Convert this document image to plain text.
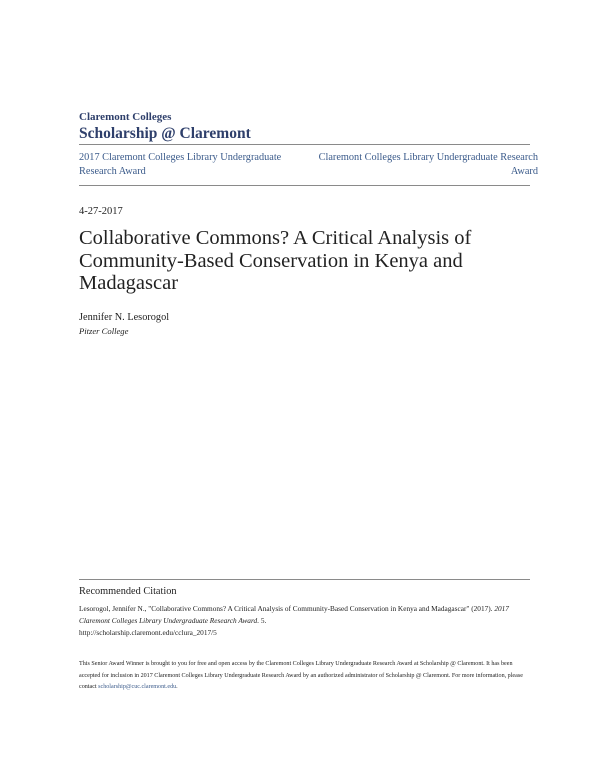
Claremont Colleges
Scholarship @ Claremont
2017 Claremont Colleges Library Undergraduate Research Award
Claremont Colleges Library Undergraduate Research Award
4-27-2017
Collaborative Commons? A Critical Analysis of Community-Based Conservation in Kenya and Madagascar
Jennifer N. Lesorogol
Pitzer College
Recommended Citation
Lesorogol, Jennifer N., "Collaborative Commons? A Critical Analysis of Community-Based Conservation in Kenya and Madagascar" (2017). 2017 Claremont Colleges Library Undergraduate Research Award. 5.
http://scholarship.claremont.edu/cclura_2017/5
This Senior Award Winner is brought to you for free and open access by the Claremont Colleges Library Undergraduate Research Award at Scholarship @ Claremont. It has been accepted for inclusion in 2017 Claremont Colleges Library Undergraduate Research Award by an authorized administrator of Scholarship @ Claremont. For more information, please contact scholarship@cuc.claremont.edu.
